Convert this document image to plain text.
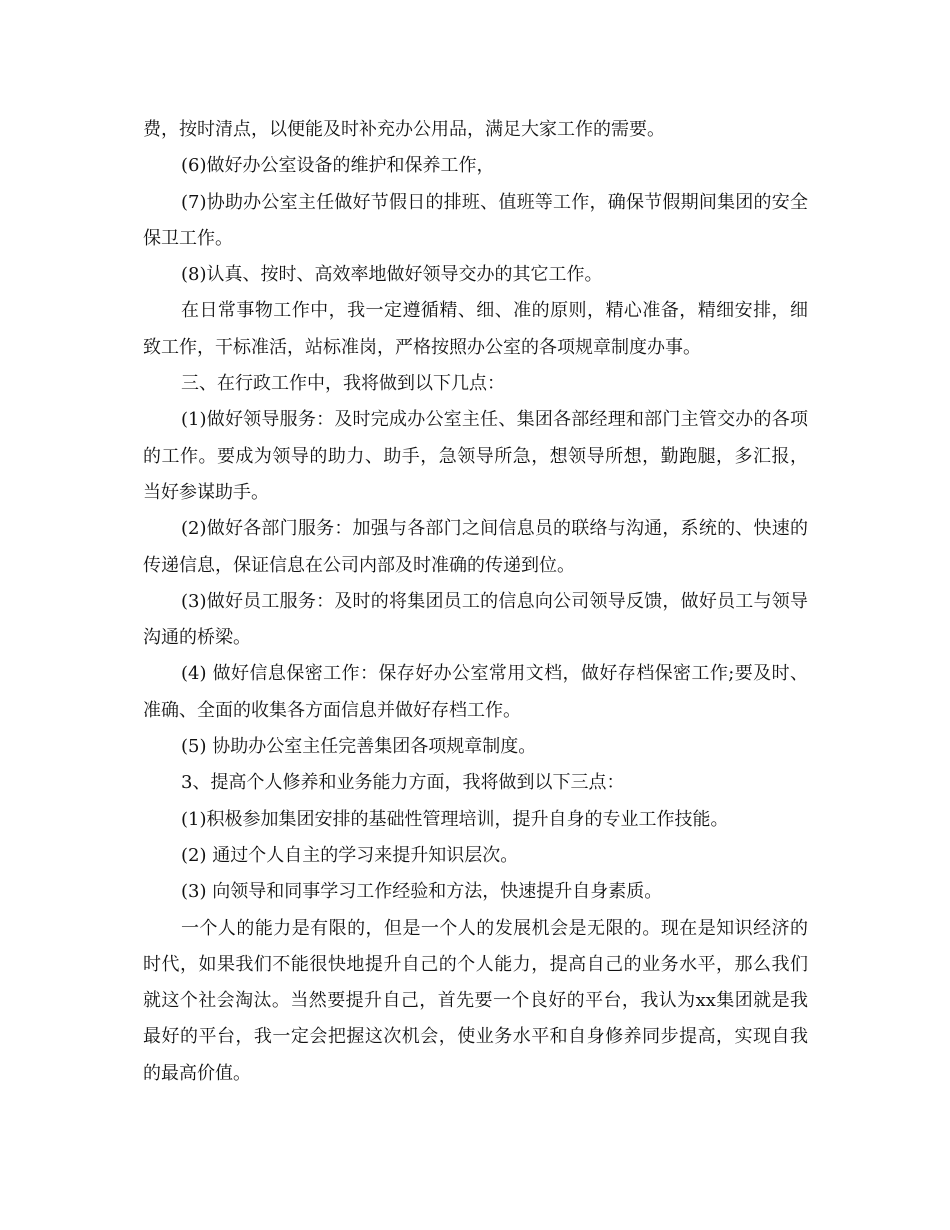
费，按时清点，以便能及时补充办公用品，满足大家工作的需要。

(6)做好办公室设备的维护和保养工作，

(7)协助办公室主任做好节假日的排班、值班等工作，确保节假期间集团的安全保卫工作。

(8)认真、按时、高效率地做好领导交办的其它工作。

在日常事物工作中，我一定遵循精、细、准的原则，精心准备，精细安排，细致工作，干标准活，站标准岗，严格按照办公室的各项规章制度办事。

三、在行政工作中，我将做到以下几点：

(1)做好领导服务：及时完成办公室主任、集团各部经理和部门主管交办的各项的工作。要成为领导的助力、助手，急领导所急，想领导所想，勤跑腿，多汇报，当好参谋助手。

(2)做好各部门服务：加强与各部门之间信息员的联络与沟通，系统的、快速的传递信息，保证信息在公司内部及时准确的传递到位。

(3)做好员工服务：及时的将集团员工的信息向公司领导反馈，做好员工与领导沟通的桥梁。

(4) 做好信息保密工作：保存好办公室常用文档，做好存档保密工作;要及时、准确、全面的收集各方面信息并做好存档工作。

(5) 协助办公室主任完善集团各项规章制度。

3、提高个人修养和业务能力方面，我将做到以下三点：

(1)积极参加集团安排的基础性管理培训，提升自身的专业工作技能。

(2) 通过个人自主的学习来提升知识层次。

(3) 向领导和同事学习工作经验和方法，快速提升自身素质。

一个人的能力是有限的，但是一个人的发展机会是无限的。现在是知识经济的时代，如果我们不能很快地提升自己的个人能力，提高自己的业务水平，那么我们就这个社会淘汰。当然要提升自己，首先要一个良好的平台，我认为xx集团就是我最好的平台，我一定会把握这次机会，使业务水平和自身修养同步提高，实现自我的最高价值。
